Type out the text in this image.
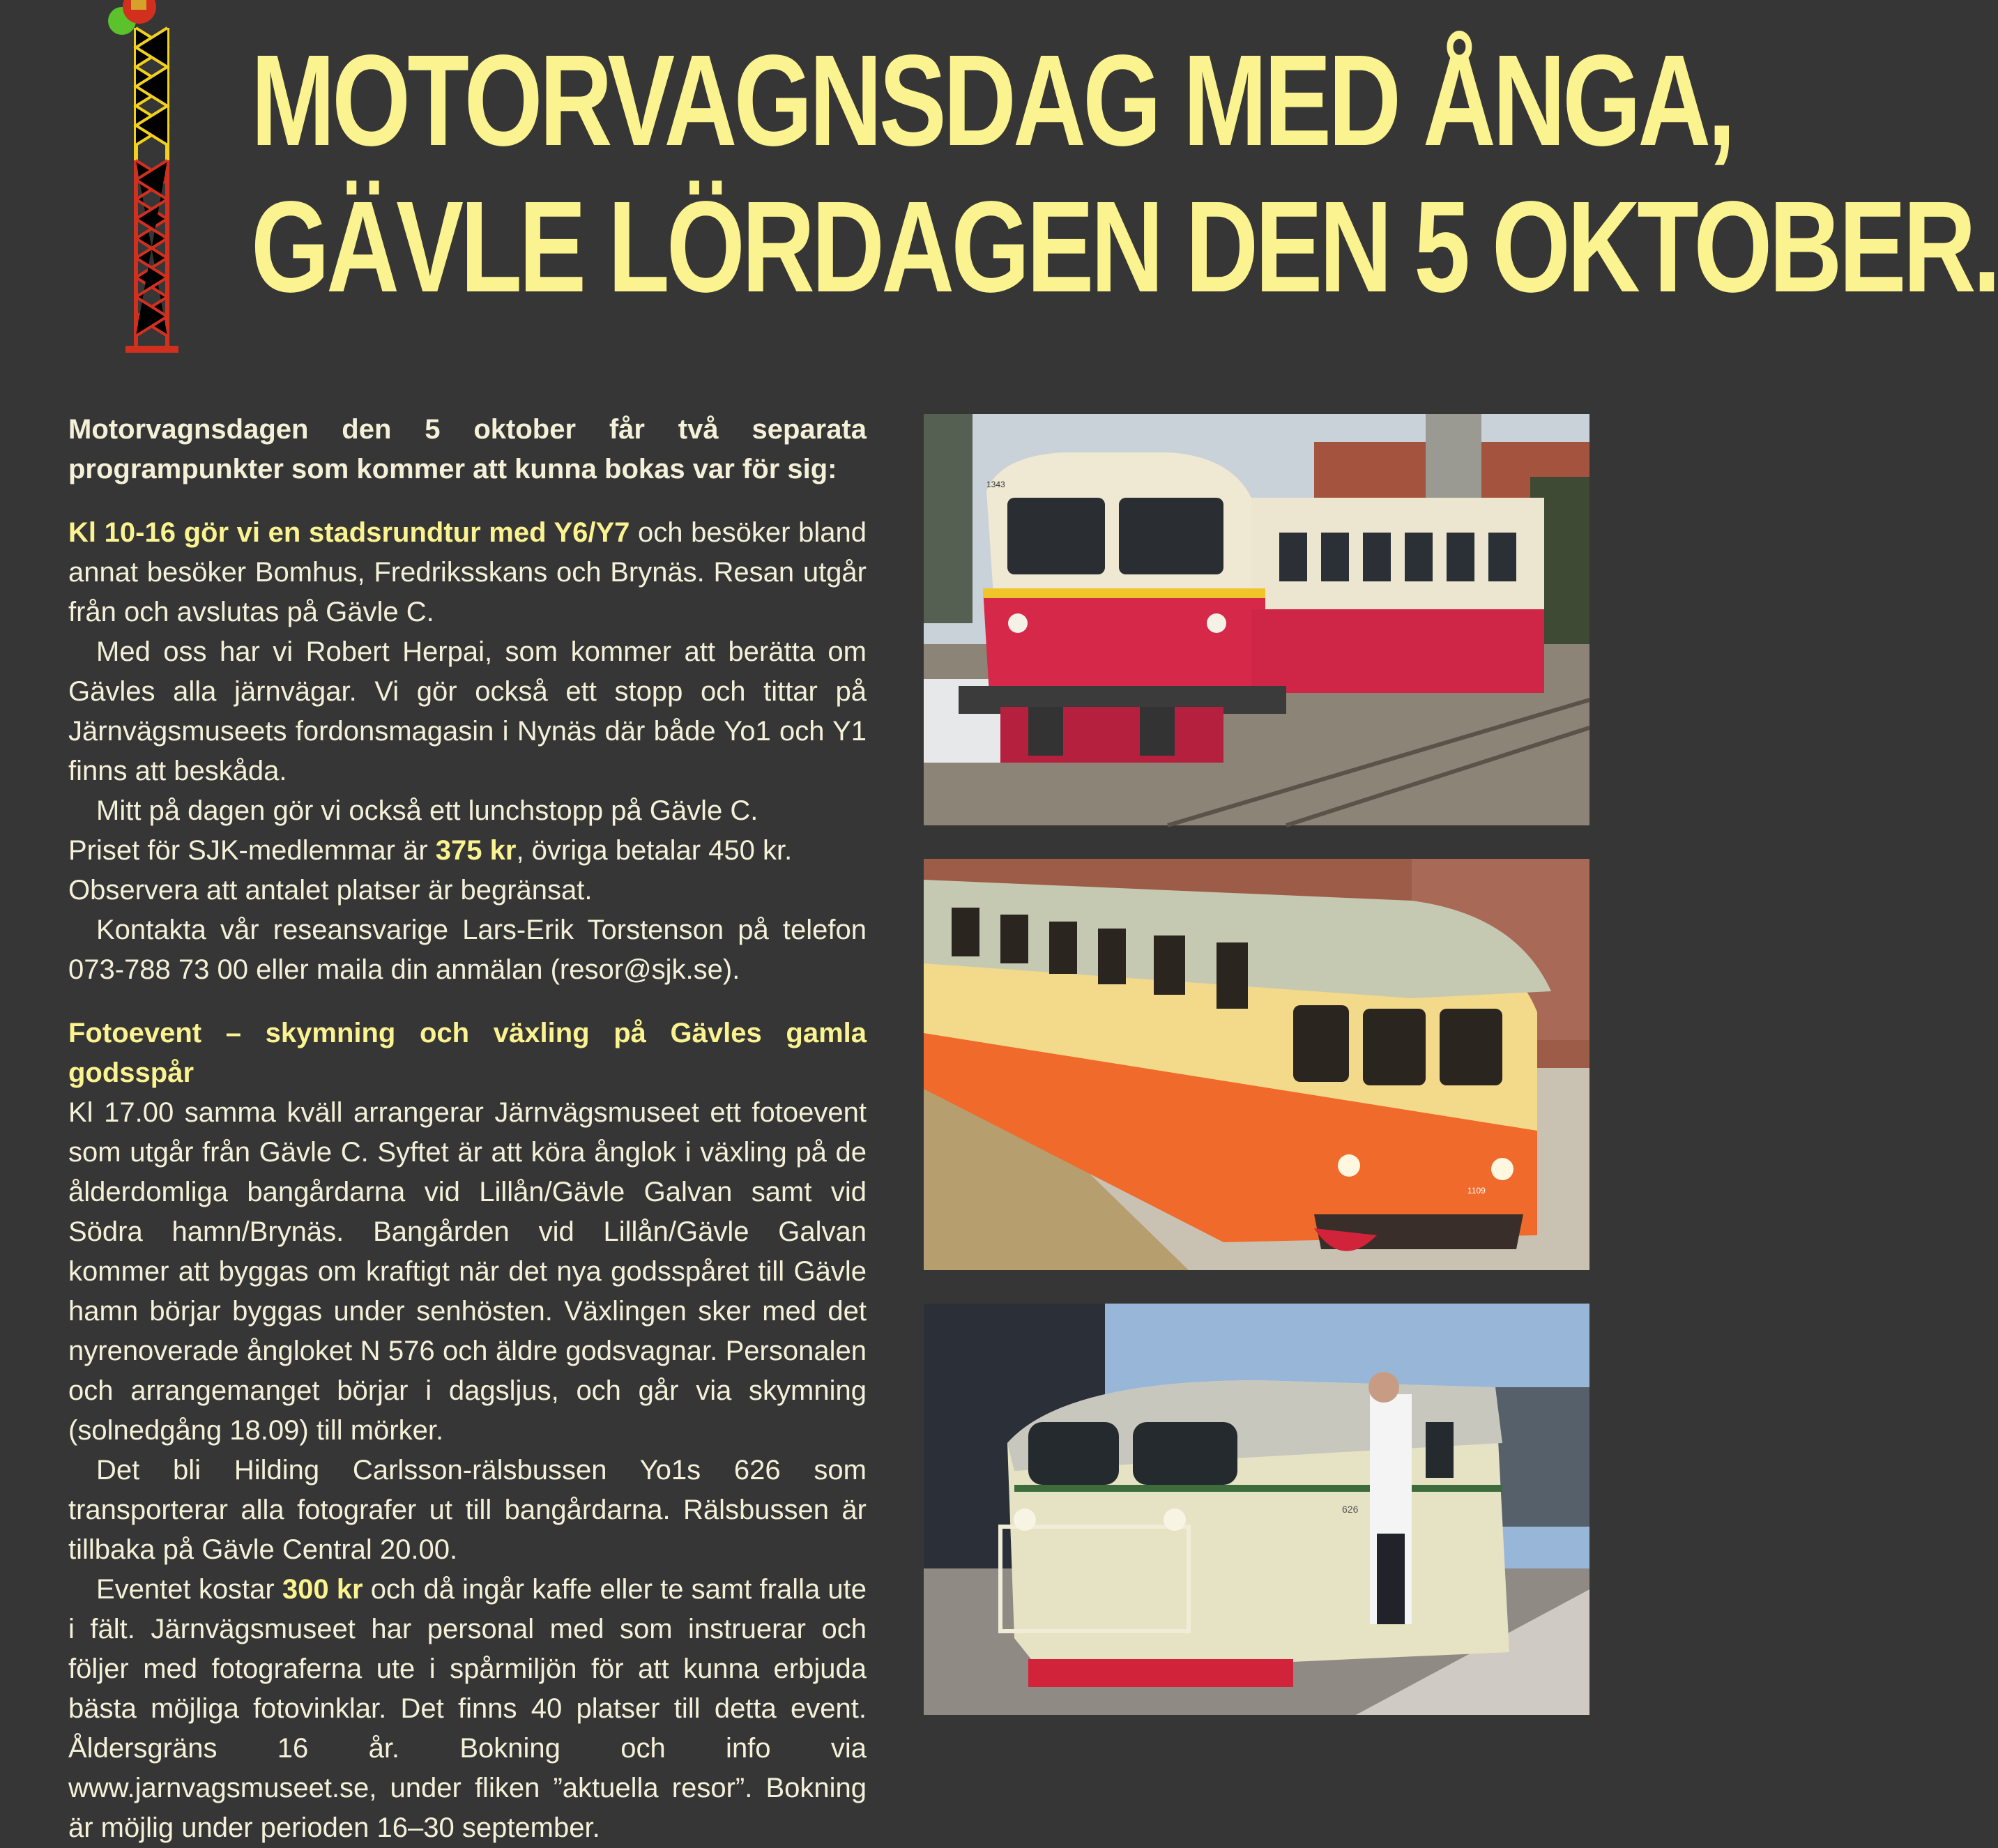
MOTORVAGNSDAG MED ÅNGA,
GÄVLE LÖRDAGEN DEN 5 OKTOBER.

Motorvagnsdagen den 5 oktober får två separata programpunkter som kommer att kunna bokas var för sig:

Kl 10-16 gör vi en stadsrundtur med Y6/Y7 och besöker bland annat besöker Bomhus, Fredriksskans och Brynäs. Resan utgår från och avslutas på Gävle C.

Med oss har vi Robert Herpai, som kommer att berätta om Gävles alla järnvägar. Vi gör också ett stopp och tittar på Järnvägsmuseets fordonsmagasin i Nynäs där både Yo1 och Y1 finns att beskåda.

Mitt på dagen gör vi också ett lunchstopp på Gävle C.

Priset för SJK-medlemmar är 375 kr, övriga betalar 450 kr.

Observera att antalet platser är begränsat.

Kontakta vår reseansvarige Lars-Erik Torstenson på telefon 073-788 73 00 eller maila din anmälan (resor@sjk.se).

Fotoevent – skymning och växling på Gävles gamla godsspår

Kl 17.00 samma kväll arrangerar Järnvägsmuseet ett fotoevent som utgår från Gävle C. Syftet är att köra ånglok i växling på de ålderdomliga bangårdarna vid Lillån/Gävle Galvan samt vid Södra hamn/Brynäs. Bangården vid Lillån/Gävle Galvan kommer att byggas om kraftigt när det nya godsspåret till Gävle hamn börjar byggas under senhösten. Växlingen sker med det nyrenoverade ångloket N 576 och äldre godsvagnar. Personalen och arrangemanget börjar i dagsljus, och går via skymning (solnedgång 18.09) till mörker.

Det bli Hilding Carlsson-rälsbussen Yo1s 626 som transporterar alla fotografer ut till bangårdarna. Rälsbussen är tillbaka på Gävle Central 20.00.

Eventet kostar 300 kr och då ingår kaffe eller te samt fralla ute i fält. Järnvägsmuseet har personal med som instruerar och följer med fotograferna ute i spårmiljön för att kunna erbjuda bästa möjliga fotovinklar. Det finns 40 platser till detta event. Åldersgräns 16 år. Bokning och info via www.jarnvagsmuseet.se, under fliken ”aktuella resor”. Bokning är möjlig under perioden 16–30 september.

1343
1109
626
